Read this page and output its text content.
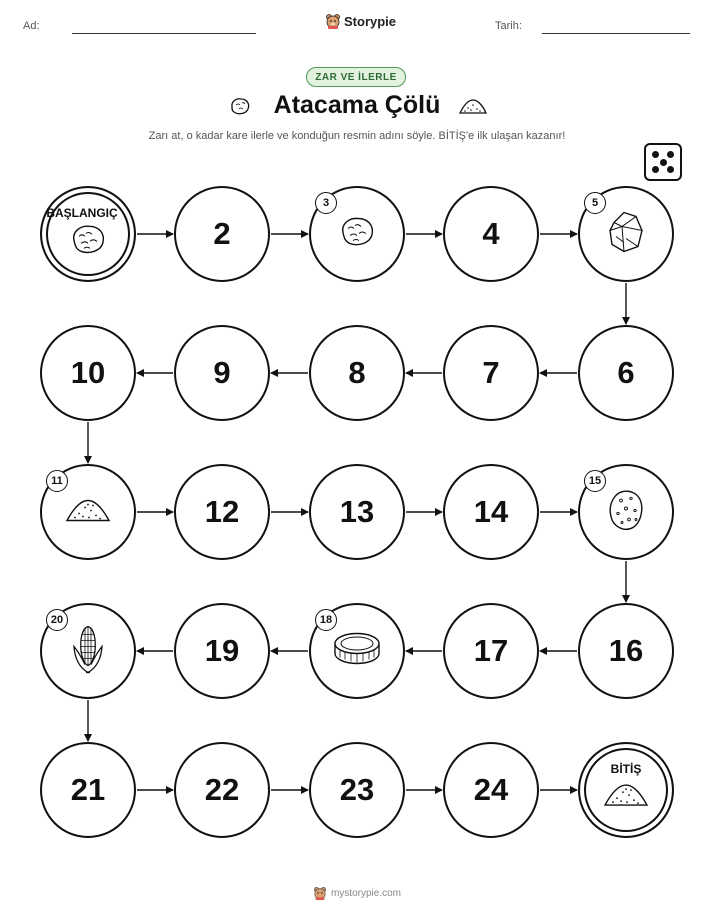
Ad:	Storypie	Tarih:
ZAR VE İLERLE
Atacama Çölü
Zarı at, o kadar kare ilerle ve konduğun resmin adını söyle. BİTİŞ'e ilk ulaşan kazanır!
BAŞLANGIÇ
2
3
4
5
6
7
8
9
10
11
12	13	14
15
16
17
18
19
20
21	22	23	24
BİTİŞ
mystorypie.com
